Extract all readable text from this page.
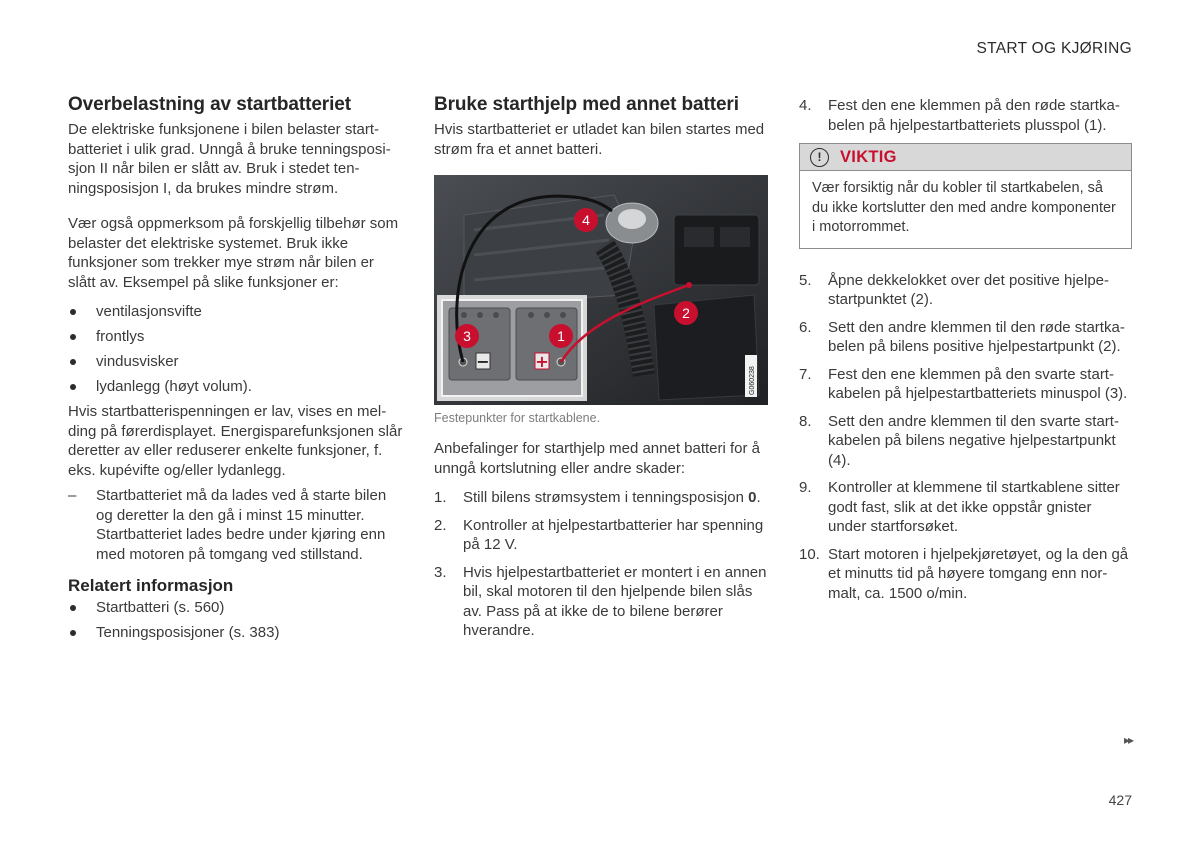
START OG KJØRING
Overbelastning av startbatteriet

De elektriske funksjonene i bilen belaster startbatteriet i ulik grad. Unngå å bruke tenningsposisjon II når bilen er slått av. Bruk i stedet tenningsposisjon I, da brukes mindre strøm.

Vær også oppmerksom på forskjellig tilbehør som belaster det elektriske systemet. Bruk ikke funksjoner som trekker mye strøm når bilen er slått av. Eksempel på slike funksjoner er:

ventilasjonsvifte
frontlys
vindusvisker
lydanlegg (høyt volum).

Hvis startbatterispenningen er lav, vises en melding på førerdisplayet. Energisparefunksjonen slår deretter av eller reduserer enkelte funksjoner, f. eks. kupévifte og/eller lydanlegg.

– Startbatteriet må da lades ved å starte bilen og deretter la den gå i minst 15 minutter. Startbatteriet lades bedre under kjøring enn med motoren på tomgang ved stillstand.
Relatert informasjon
Startbatteri (s. 560)
Tenningsposisjoner (s. 383)
Bruke starthjelp med annet batteri

Hvis startbatteriet er utladet kan bilen startes med strøm fra et annet batteri.

−	+
4
2
3	1
G060238
Festepunkter for startkablene.

Anbefalinger for starthjelp med annet batteri for å unngå kortslutning eller andre skader:

1. Still bilens strømsystem i tenningsposisjon 0.
2. Kontroller at hjelpestartbatterier har spenning på 12 V.
3. Hvis hjelpestartbatteriet er montert i en annen bil, skal motoren til den hjelpende bilen slås av. Pass på at ikke de to bilene berører hverandre.
4. Fest den ene klemmen på den røde startkabelen på hjelpestartbatteriets plusspol (1).
!	VIKTIG
Vær forsiktig når du kobler til startkabelen, så du ikke kortslutter den med andre komponenter i motorrommet.
5. Åpne dekkelokket over det positive hjelpestartpunktet (2).
6. Sett den andre klemmen til den røde startkabelen på bilens positive hjelpestartpunkt (2).
7. Fest den ene klemmen på den svarte startkabelen på hjelpestartbatteriets minuspol (3).
8. Sett den andre klemmen til den svarte startkabelen på bilens negative hjelpestartpunkt (4).
9. Kontroller at klemmene til startkablene sitter godt fast, slik at det ikke oppstår gnister under startforsøket.
10. Start motoren i hjelpekjøretøyet, og la den gå et minutts tid på høyere tomgang enn normalt, ca. 1500 o/min.
▸▸
427
